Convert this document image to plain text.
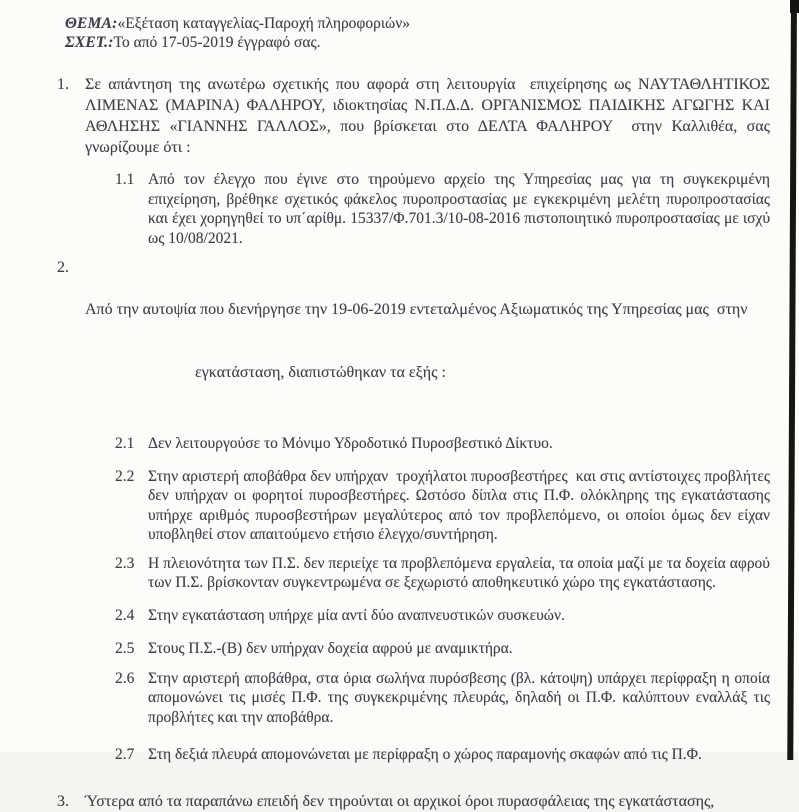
ΘΕΜΑ:«Εξέταση καταγγελίας-Παροχή πληροφοριών»
ΣΧΕΤ.:Το από 17-05-2019 έγγραφό σας.
1.	Σε απάντηση της ανωτέρω σχετικής που αφορά στη λειτουργία  επιχείρησης ως ΝΑΥΤΑΘΛΗΤΙΚΟΣ ΛΙΜΕΝΑΣ (ΜΑΡΙΝΑ) ΦΑΛΗΡΟΥ, ιδιοκτησίας Ν.Π.Δ.Δ. ΟΡΓΑΝΙΣΜΟΣ ΠΑΙΔΙΚΗΣ ΑΓΩΓΗΣ ΚΑΙ ΑΘΛΗΣΗΣ «ΓΙΑΝΝΗΣ ΓΑΛΛΟΣ», που βρίσκεται στο ΔΕΛΤΑ ΦΑΛΗΡΟΥ  στην Καλλιθέα, σας γνωρίζουμε ότι :
1.1 Από τον έλεγχο που έγινε στο τηρούμενο αρχείο της Υπηρεσίας μας για τη συγκεκριμένη επιχείρηση, βρέθηκε σχετικός φάκελος πυροπροστασίας με εγκεκριμένη μελέτη πυροπροστασίας και έχει χορηγηθεί το υπ΄αρίθμ. 15337/Φ.701.3/10-08-2016 πιστοποιητικό πυροπροστασίας με ισχύ ως 10/08/2021.
2.

Από την αυτοψία που διενήργησε την 19-06-2019 εντεταλμένος Αξιωματικός της Υπηρεσίας μας  στην

εγκατάσταση, διαπιστώθηκαν τα εξής :

2.1 Δεν λειτουργούσε το Μόνιμο Υδροδοτικό Πυροσβεστικό Δίκτυο.
2.2 Στην αριστερή αποβάθρα δεν υπήρχαν  τροχήλατοι πυροσβεστήρες  και στις αντίστοιχες προβλήτες δεν υπήρχαν οι φορητοί πυροσβεστήρες. Ωστόσο δίπλα στις Π.Φ. ολόκληρης της εγκατάστασης υπήρχε αριθμός πυροσβεστήρων μεγαλύτερος από τον προβλεπόμενο, οι οποίοι όμως δεν είχαν υποβληθεί στον απαιτούμενο ετήσιο έλεγχο/συντήρηση.
2.3 Η πλειονότητα των Π.Σ. δεν περιείχε τα προβλεπόμενα εργαλεία, τα οποία μαζί με τα δοχεία αφρού των Π.Σ. βρίσκονταν συγκεντρωμένα σε ξεχωριστό αποθηκευτικό χώρο της εγκατάστασης.
2.4 Στην εγκατάσταση υπήρχε μία αντί δύο αναπνευστικών συσκευών.
2.5 Στους Π.Σ.-(Β) δεν υπήρχαν δοχεία αφρού με αναμικτήρα.
2.6 Στην αριστερή αποβάθρα, στα όρια σωλήνα πυρόσβεσης (βλ. κάτοψη) υπάρχει περίφραξη η οποία απομονώνει τις μισές Π.Φ. της συγκεκριμένης πλευράς, δηλαδή οι Π.Φ. καλύπτουν εναλλάξ τις προβλήτες και την αποβάθρα.
2.7 Στη δεξιά πλευρά απομονώνεται με περίφραξη ο χώρος παραμονής σκαφών από τις Π.Φ.
3.	Ύστερα από τα παραπάνω επειδή δεν τηρούνται οι αρχικοί όροι πυρασφάλειας της εγκατάστασης,
